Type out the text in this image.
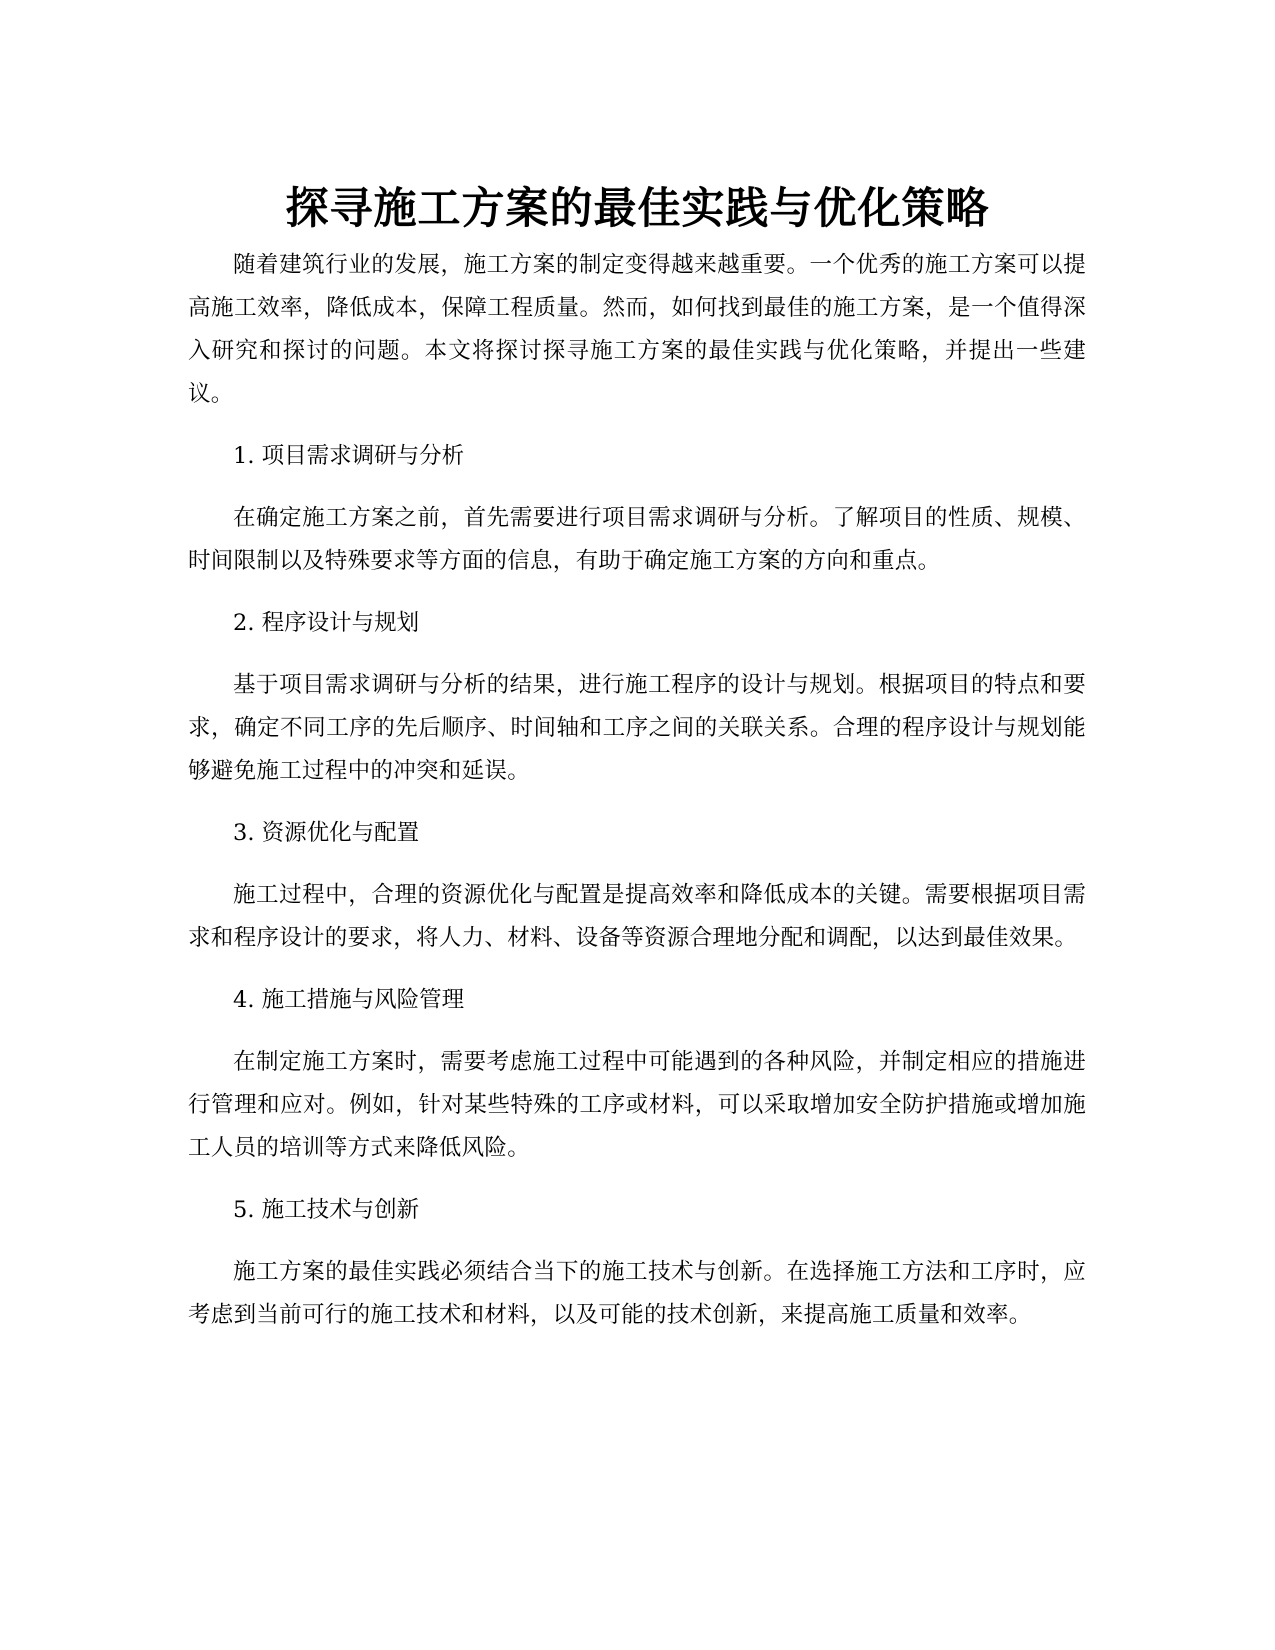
探寻施工方案的最佳实践与优化策略

随着建筑行业的发展，施工方案的制定变得越来越重要。一个优秀的施工方案可以提高施工效率，降低成本，保障工程质量。然而，如何找到最佳的施工方案，是一个值得深入研究和探讨的问题。本文将探讨探寻施工方案的最佳实践与优化策略，并提出一些建议。

1. 项目需求调研与分析

在确定施工方案之前，首先需要进行项目需求调研与分析。了解项目的性质、规模、时间限制以及特殊要求等方面的信息，有助于确定施工方案的方向和重点。

2. 程序设计与规划

基于项目需求调研与分析的结果，进行施工程序的设计与规划。根据项目的特点和要求，确定不同工序的先后顺序、时间轴和工序之间的关联关系。合理的程序设计与规划能够避免施工过程中的冲突和延误。

3. 资源优化与配置

施工过程中，合理的资源优化与配置是提高效率和降低成本的关键。需要根据项目需求和程序设计的要求，将人力、材料、设备等资源合理地分配和调配，以达到最佳效果。

4. 施工措施与风险管理

在制定施工方案时，需要考虑施工过程中可能遇到的各种风险，并制定相应的措施进行管理和应对。例如，针对某些特殊的工序或材料，可以采取增加安全防护措施或增加施工人员的培训等方式来降低风险。

5. 施工技术与创新

施工方案的最佳实践必须结合当下的施工技术与创新。在选择施工方法和工序时，应考虑到当前可行的施工技术和材料，以及可能的技术创新，来提高施工质量和效率。
